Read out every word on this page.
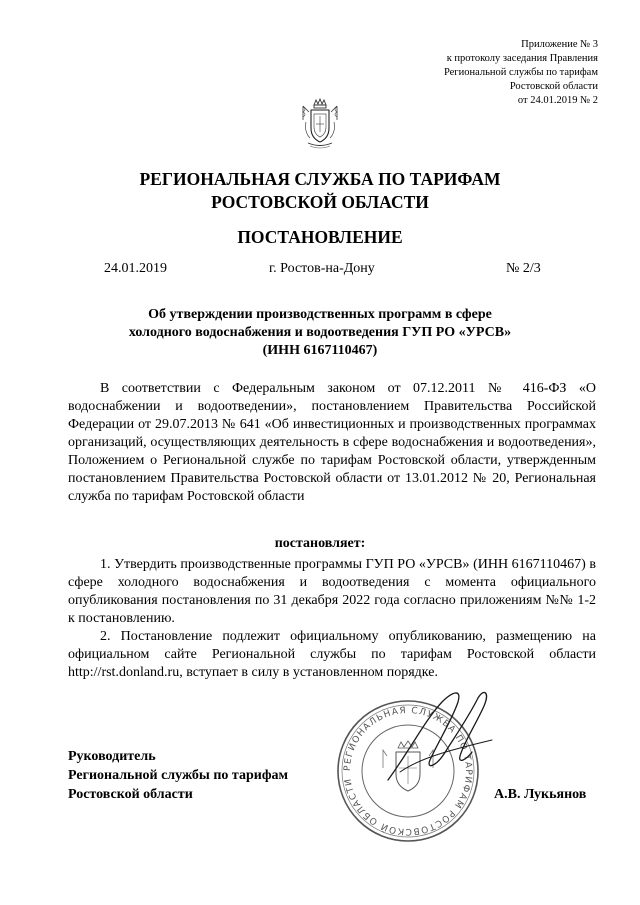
Приложение № 3
к протоколу заседания Правления
Региональной службы по тарифам
Ростовской области
от 24.01.2019 № 2
РЕГИОНАЛЬНАЯ СЛУЖБА ПО ТАРИФАМ
РОСТОВСКОЙ ОБЛАСТИ
ПОСТАНОВЛЕНИЕ
24.01.2019	г. Ростов-на-Дону	№ 2/3
Об утверждении производственных программ в сфере
холодного водоснабжения и водоотведения ГУП РО «УРСВ»
(ИНН 6167110467)
В соответствии с Федеральным законом от 07.12.2011 № 416-ФЗ «О водоснабжении и водоотведении», постановлением Правительства Российской Федерации от 29.07.2013 № 641 «Об инвестиционных и производственных программах организаций, осуществляющих деятельность в сфере водоснабжения и водоотведения», Положением о Региональной службе по тарифам Ростовской области, утвержденным постановлением Правительства Ростовской области от 13.01.2012 № 20, Региональная служба по тарифам Ростовской области
постановляет:
1. Утвердить производственные программы ГУП РО «УРСВ» (ИНН 6167110467) в сфере холодного водоснабжения и водоотведения с момента официального опубликования постановления по 31 декабря 2022 года согласно приложениям №№ 1-2 к постановлению.
2. Постановление подлежит официальному опубликованию, размещению на официальном сайте Региональной службы по тарифам Ростовской области http://rst.donland.ru, вступает в силу в установленном порядке.
РЕГИОНАЛЬНАЯ СЛУЖБА ПО ТАРИФАМ РОСТОВСКОЙ ОБЛАСТИ
Руководитель
Региональной службы по тарифам
Ростовской области	А.В. Лукьянов
